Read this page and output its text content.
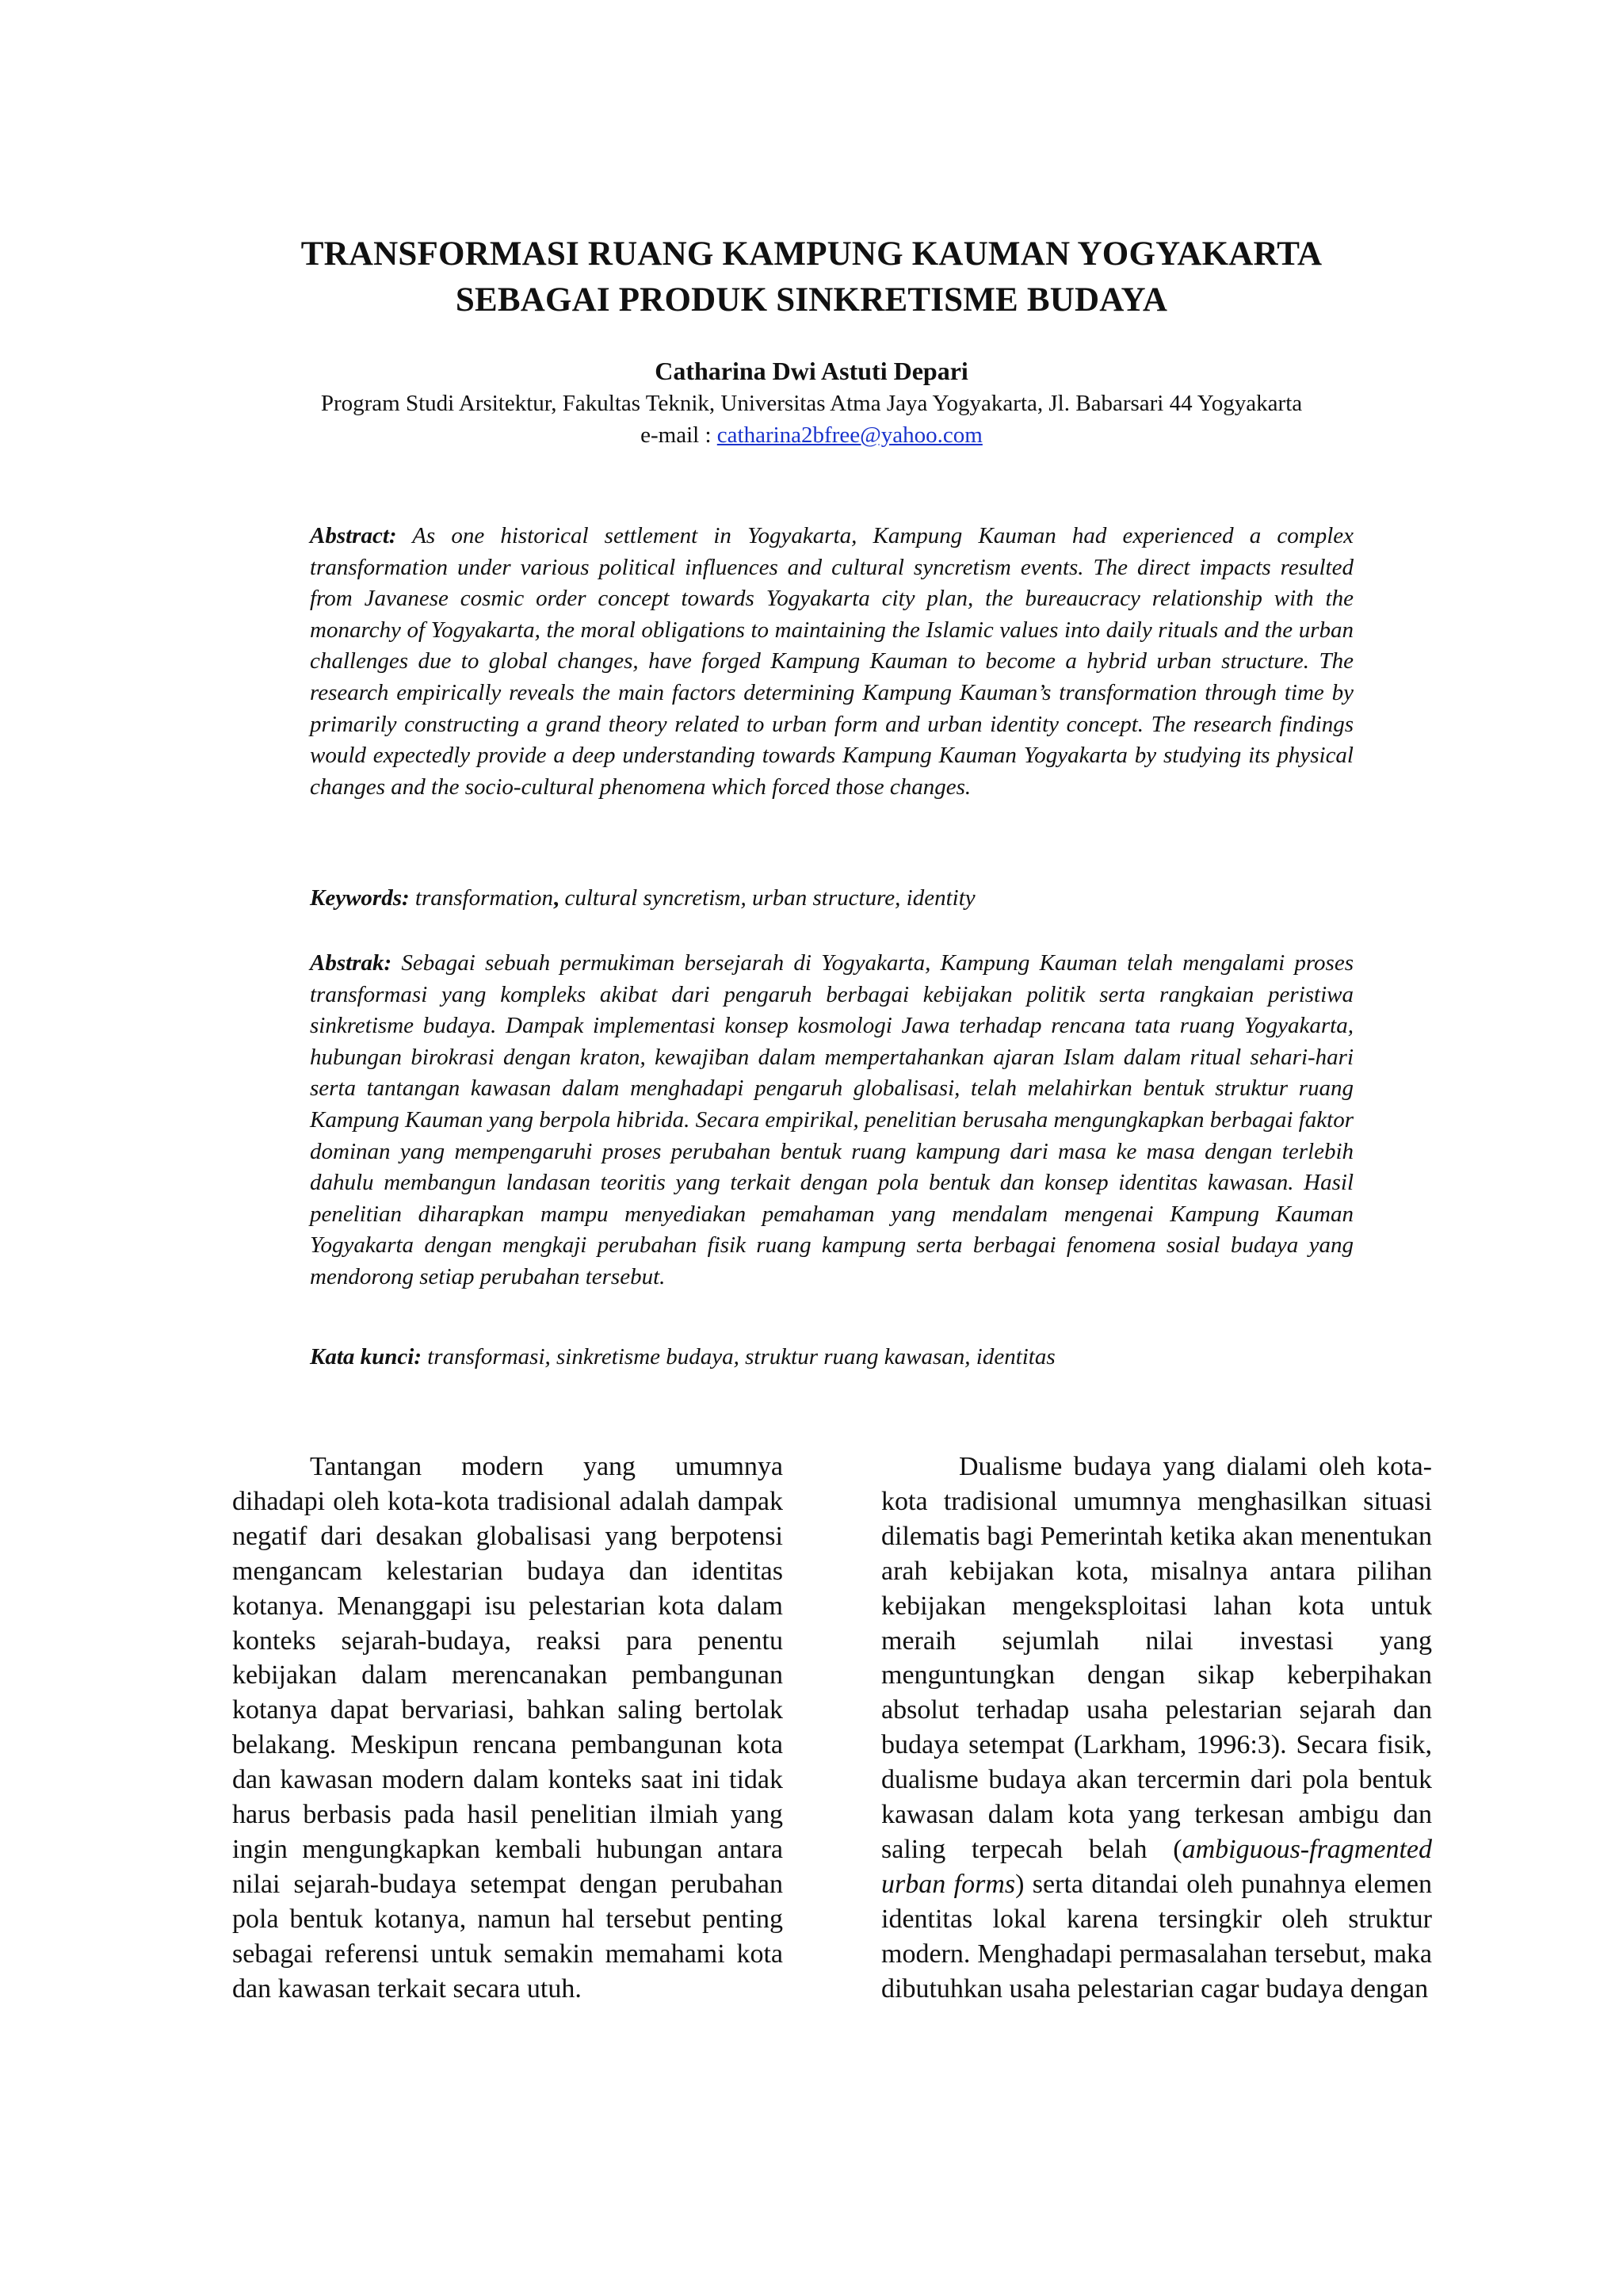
TRANSFORMASI RUANG KAMPUNG KAUMAN YOGYAKARTA
SEBAGAI PRODUK SINKRETISME BUDAYA
Catharina Dwi Astuti Depari
Program Studi Arsitektur, Fakultas Teknik, Universitas Atma Jaya Yogyakarta, Jl. Babarsari 44 Yogyakarta
e-mail : catharina2bfree@yahoo.com

Abstract: As one historical settlement in Yogyakarta, Kampung Kauman had experienced a complex transformation under various political influences and cultural syncretism events. The direct impacts resulted from Javanese cosmic order concept towards Yogyakarta city plan, the bureaucracy relationship with the monarchy of Yogyakarta, the moral obligations to maintaining the Islamic values into daily rituals and the urban challenges due to global changes, have forged Kampung Kauman to become a hybrid urban structure. The research empirically reveals the main factors determining Kampung Kauman’s transformation through time by primarily constructing a grand theory related to urban form and urban identity concept. The research findings would expectedly provide a deep understanding towards Kampung Kauman Yogyakarta by studying its physical changes and the socio-cultural phenomena which forced those changes.

Keywords: transformation, cultural syncretism, urban structure, identity

Abstrak: Sebagai sebuah permukiman bersejarah di Yogyakarta, Kampung Kauman telah mengalami proses transformasi yang kompleks akibat dari pengaruh berbagai kebijakan politik serta rangkaian peristiwa sinkretisme budaya. Dampak implementasi konsep kosmologi Jawa terhadap rencana tata ruang Yogyakarta, hubungan birokrasi dengan kraton, kewajiban dalam mempertahankan ajaran Islam dalam ritual sehari-hari serta tantangan kawasan dalam menghadapi pengaruh globalisasi, telah melahirkan bentuk struktur ruang Kampung Kauman yang berpola hibrida. Secara empirikal, penelitian berusaha mengungkapkan berbagai faktor dominan yang mempengaruhi proses perubahan bentuk ruang kampung dari masa ke masa dengan terlebih dahulu membangun landasan teoritis yang terkait dengan pola bentuk dan konsep identitas kawasan. Hasil penelitian diharapkan mampu menyediakan pemahaman yang mendalam mengenai Kampung Kauman Yogyakarta dengan mengkaji perubahan fisik ruang kampung serta berbagai fenomena sosial budaya yang mendorong setiap perubahan tersebut.

Kata kunci: transformasi, sinkretisme budaya, struktur ruang kawasan, identitas

Tantangan modern yang umumnya dihadapi oleh kota-kota tradisional adalah dampak negatif dari desakan globalisasi yang berpotensi mengancam kelestarian budaya dan identitas kotanya. Menanggapi isu pelestarian kota dalam konteks sejarah-budaya, reaksi para penentu kebijakan dalam merencanakan pembangunan kotanya dapat bervariasi, bahkan saling bertolak belakang. Meskipun rencana pembangunan kota dan kawasan modern dalam konteks saat ini tidak harus berbasis pada hasil penelitian ilmiah yang ingin mengungkapkan kembali hubungan antara nilai sejarah-budaya setempat dengan perubahan pola bentuk kotanya, namun hal tersebut penting sebagai referensi untuk semakin memahami kota dan kawasan terkait secara utuh.

Dualisme budaya yang dialami oleh kota-kota tradisional umumnya menghasilkan situasi dilematis bagi Pemerintah ketika akan menentukan arah kebijakan kota, misalnya antara pilihan kebijakan mengeksploitasi lahan kota untuk meraih sejumlah nilai investasi yang menguntungkan dengan sikap keberpihakan absolut terhadap usaha pelestarian sejarah dan budaya setempat (Larkham, 1996:3). Secara fisik, dualisme budaya akan tercermin dari pola bentuk kawasan dalam kota yang terkesan ambigu dan saling terpecah belah (ambiguous-fragmented urban forms) serta ditandai oleh punahnya elemen identitas lokal karena tersingkir oleh struktur modern. Menghadapi permasalahan tersebut, maka dibutuhkan usaha pelestarian cagar budaya dengan
